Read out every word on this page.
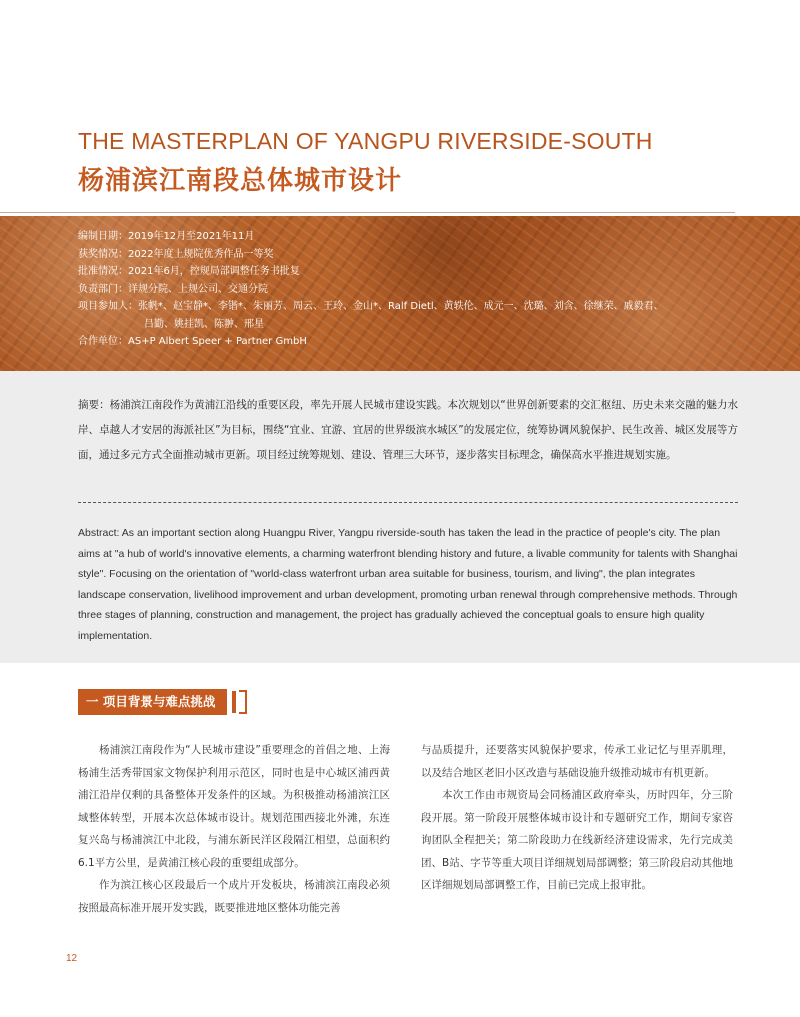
THE MASTERPLAN OF YANGPU RIVERSIDE-SOUTH
杨浦滨江南段总体城市设计
编制日期：2019年12月至2021年11月
获奖情况：2022年度上规院优秀作品一等奖
批准情况：2021年6月，控规局部调整任务书批复
负责部门：详规分院、上规公司、交通分院
项目参加人：张帆*、赵宝静*、李锴*、朱丽芳、周云、王玲、金山*、Ralf Dietl、黄轶伦、成元一、沈璐、刘含、徐继荣、戚毅君、
吕勤、姚挂凯、陈翀、邢星
合作单位：AS+P Albert Speer + Partner GmbH
摘要：杨浦滨江南段作为黄浦江沿线的重要区段，率先开展人民城市建设实践。本次规划以“世界创新要素的交汇枢纽、历史未来交融的魅力水岸、卓越人才安居的海派社区”为目标，围绕“宜业、宜游、宜居的世界级滨水城区”的发展定位，统筹协调风貌保护、民生改善、城区发展等方面，通过多元方式全面推动城市更新。项目经过统筹规划、建设、管理三大环节，逐步落实目标理念，确保高水平推进规划实施。
Abstract: As an important section along Huangpu River, Yangpu riverside-south has taken the lead in the practice of people's city. The plan aims at "a hub of world's innovative elements, a charming waterfront blending history and future, a livable community for talents with Shanghai style". Focusing on the orientation of "world-class waterfront urban area suitable for business, tourism, and living", the plan integrates landscape conservation, livelihood improvement and urban development, promoting urban renewal through comprehensive methods. Through three stages of planning, construction and management, the project has gradually achieved the conceptual goals to ensure high quality implementation.
一 项目背景与难点挑战

杨浦滨江南段作为“人民城市建设”重要理念的首倡之地、上海杨浦生活秀带国家文物保护利用示范区，同时也是中心城区浦西黄浦江沿岸仅剩的具备整体开发条件的区域。为积极推动杨浦滨江区域整体转型，开展本次总体城市设计。规划范围西接北外滩，东连复兴岛与杨浦滨江中北段，与浦东新民洋区段隔江相望，总面积约6.1平方公里，是黄浦江核心段的重要组成部分。

作为滨江核心区段最后一个成片开发板块，杨浦滨江南段必须按照最高标准开展开发实践，既要推进地区整体功能完善

与品质提升，还要落实风貌保护要求，传承工业记忆与里弄肌理，以及结合地区老旧小区改造与基础设施升级推动城市有机更新。

本次工作由市规资局会同杨浦区政府牵头，历时四年，分三阶段开展。第一阶段开展整体城市设计和专题研究工作，期间专家咨询团队全程把关；第二阶段助力在线新经济建设需求，先行完成美团、B站、字节等重大项目详细规划局部调整；第三阶段启动其他地区详细规划局部调整工作，目前已完成上报审批。

12
